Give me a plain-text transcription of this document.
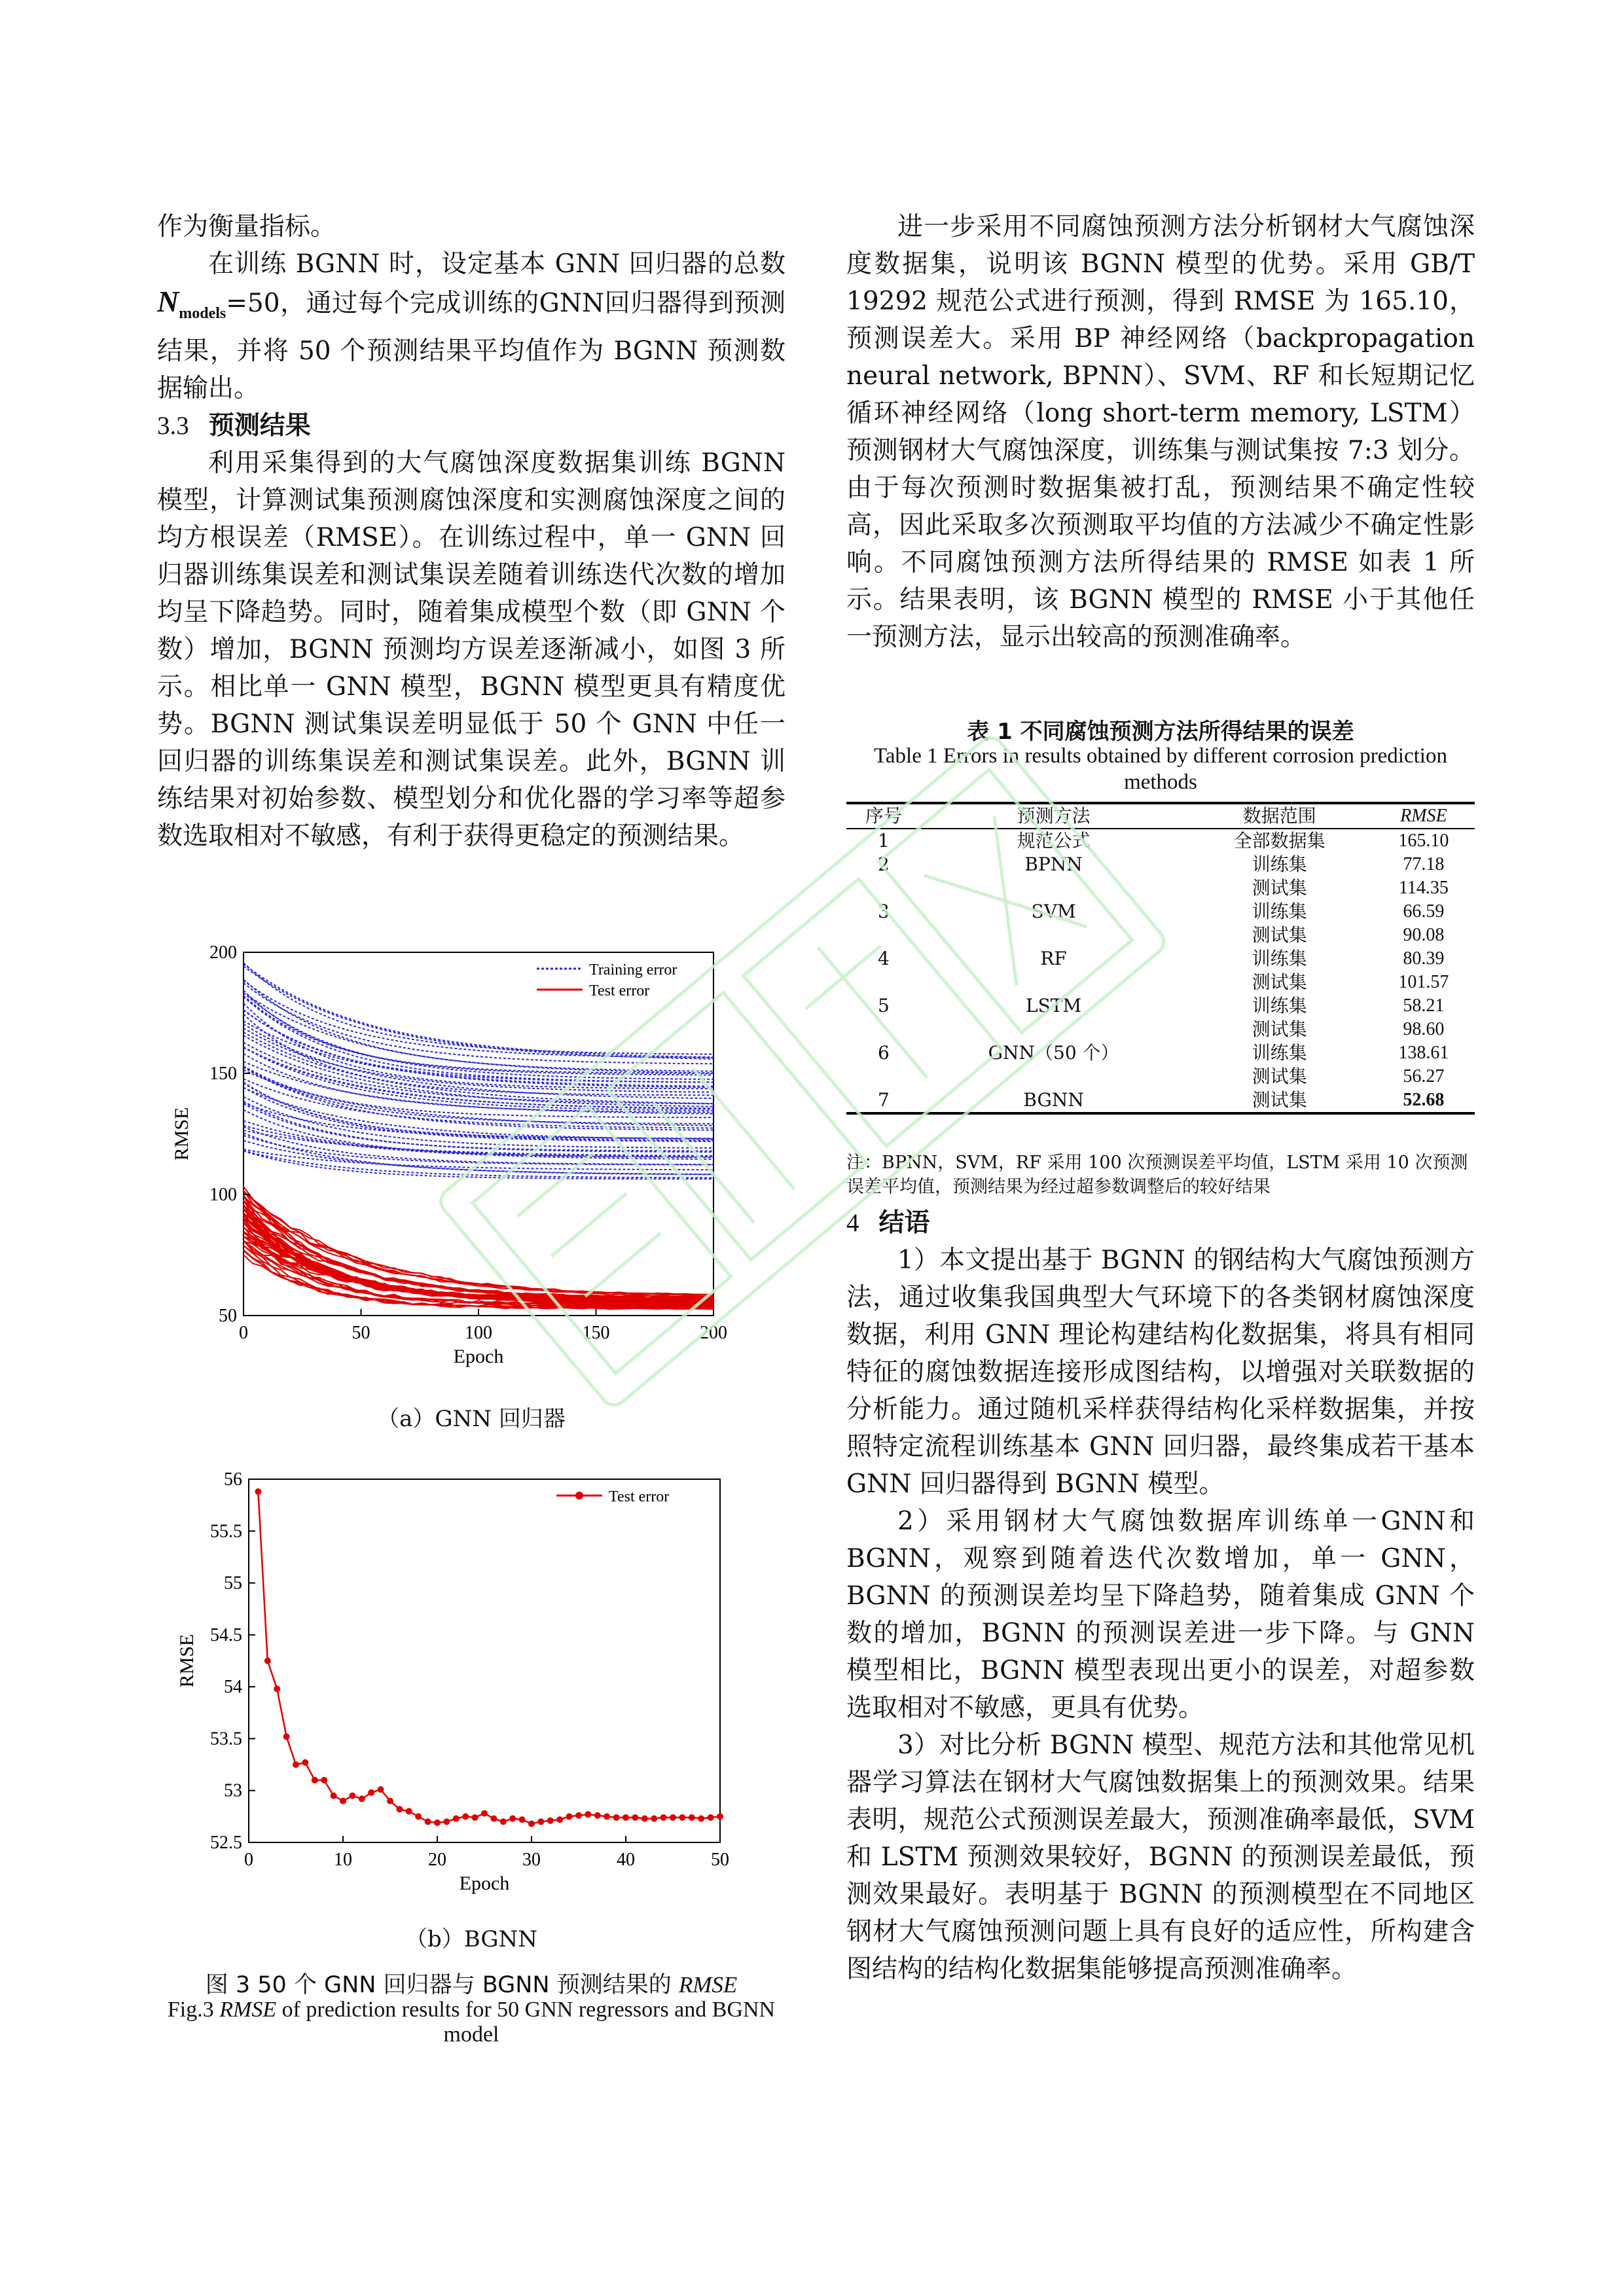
作为衡量指标。

在训练 BGNN 时，设定基本 GNN 回归器的总数$N_{models}=50$，通过每个完成训练的GNN回归器得到预测结果，并将 50 个预测结果平均值作为 BGNN 预测数据输出。

3.3 预测结果

利用采集得到的大气腐蚀深度数据集训练 BGNN 模型，计算测试集预测腐蚀深度和实测腐蚀深度之间的均方根误差（RMSE）。在训练过程中，单一 GNN 回归器训练集误差和测试集误差随着训练迭代次数的增加均呈下降趋势。同时，随着集成模型个数（即 GNN 个数）增加，BGNN 预测均方误差逐渐减小，如图 3 所示。相比单一 GNN 模型，BGNN 模型更具有精度优势。BGNN 测试集误差明显低于 50 个 GNN 中任一回归器的训练集误差和测试集误差。此外，BGNN 训练结果对初始参数、模型划分和优化器的学习率等超参数选取相对不敏感，有利于获得更稳定的预测结果。

0	50	100	150	200
50
100
150
200
Epoch
RMSE
Training error
Test error
（a）GNN 回归器
Test error
0	10	20	30	40	50
52.5
53
53.5
54
54.5
55
55.5
56
Epoch
RMSE
（b）BGNN
图 3 50 个 GNN 回归器与 BGNN 预测结果的 RMSE
Fig.3 RMSE of prediction results for 50 GNN regressors and BGNN model

进一步采用不同腐蚀预测方法分析钢材大气腐蚀深度数据集，说明该 BGNN 模型的优势。采用 GB/T 19292 规范公式进行预测，得到 RMSE 为 165.10，预测误差大。采用 BP 神经网络（backpropagation neural network, BPNN）、SVM、RF 和长短期记忆循环神经网络（long short-term memory, LSTM）预测钢材大气腐蚀深度，训练集与测试集按 7:3 划分。由于每次预测时数据集被打乱，预测结果不确定性较高，因此采取多次预测取平均值的方法减少不确定性影响。不同腐蚀预测方法所得结果的 RMSE 如表 1 所示。结果表明，该 BGNN 模型的 RMSE 小于其他任一预测方法，显示出较高的预测准确率。

表 1 不同腐蚀预测方法所得结果的误差
Table 1 Errors in results obtained by different corrosion prediction methods
序号	预测方法	数据范围	RMSE
1	规范公式	全部数据集	165.10
2	BPNN	训练集	77.18
		测试集	114.35
3	SVM	训练集	66.59
		测试集	90.08
4	RF	训练集	80.39
		测试集	101.57
5	LSTM	训练集	58.21
		测试集	98.60
6	GNN（50 个）	训练集	138.61
		测试集	56.27
7	BGNN	测试集	52.68
注：BPNN，SVM，RF 采用 100 次预测误差平均值，LSTM 采用 10 次预测误差平均值，预测结果为经过超参数调整后的较好结果

4 结语

1）本文提出基于 BGNN 的钢结构大气腐蚀预测方法，通过收集我国典型大气环境下的各类钢材腐蚀深度数据，利用 GNN 理论构建结构化数据集，将具有相同特征的腐蚀数据连接形成图结构，以增强对关联数据的分析能力。通过随机采样获得结构化采样数据集，并按照特定流程训练基本 GNN 回归器，最终集成若干基本 GNN 回归器得到 BGNN 模型。

2）采用钢材大气腐蚀数据库训练单一GNN和 BGNN，观察到随着迭代次数增加，单一 GNN，BGNN 的预测误差均呈下降趋势，随着集成 GNN 个数的增加，BGNN 的预测误差进一步下降。与 GNN 模型相比，BGNN 模型表现出更小的误差，对超参数选取相对不敏感，更具有优势。

3）对比分析 BGNN 模型、规范方法和其他常见机器学习算法在钢材大气腐蚀数据集上的预测效果。结果表明，规范公式预测误差最大，预测准确率最低，SVM 和 LSTM 预测效果较好，BGNN 的预测误差最低，预测效果最好。表明基于 BGNN 的预测模型在不同地区钢材大气腐蚀预测问题上具有良好的适应性，所构建含图结构的结构化数据集能够提高预测准确率。
